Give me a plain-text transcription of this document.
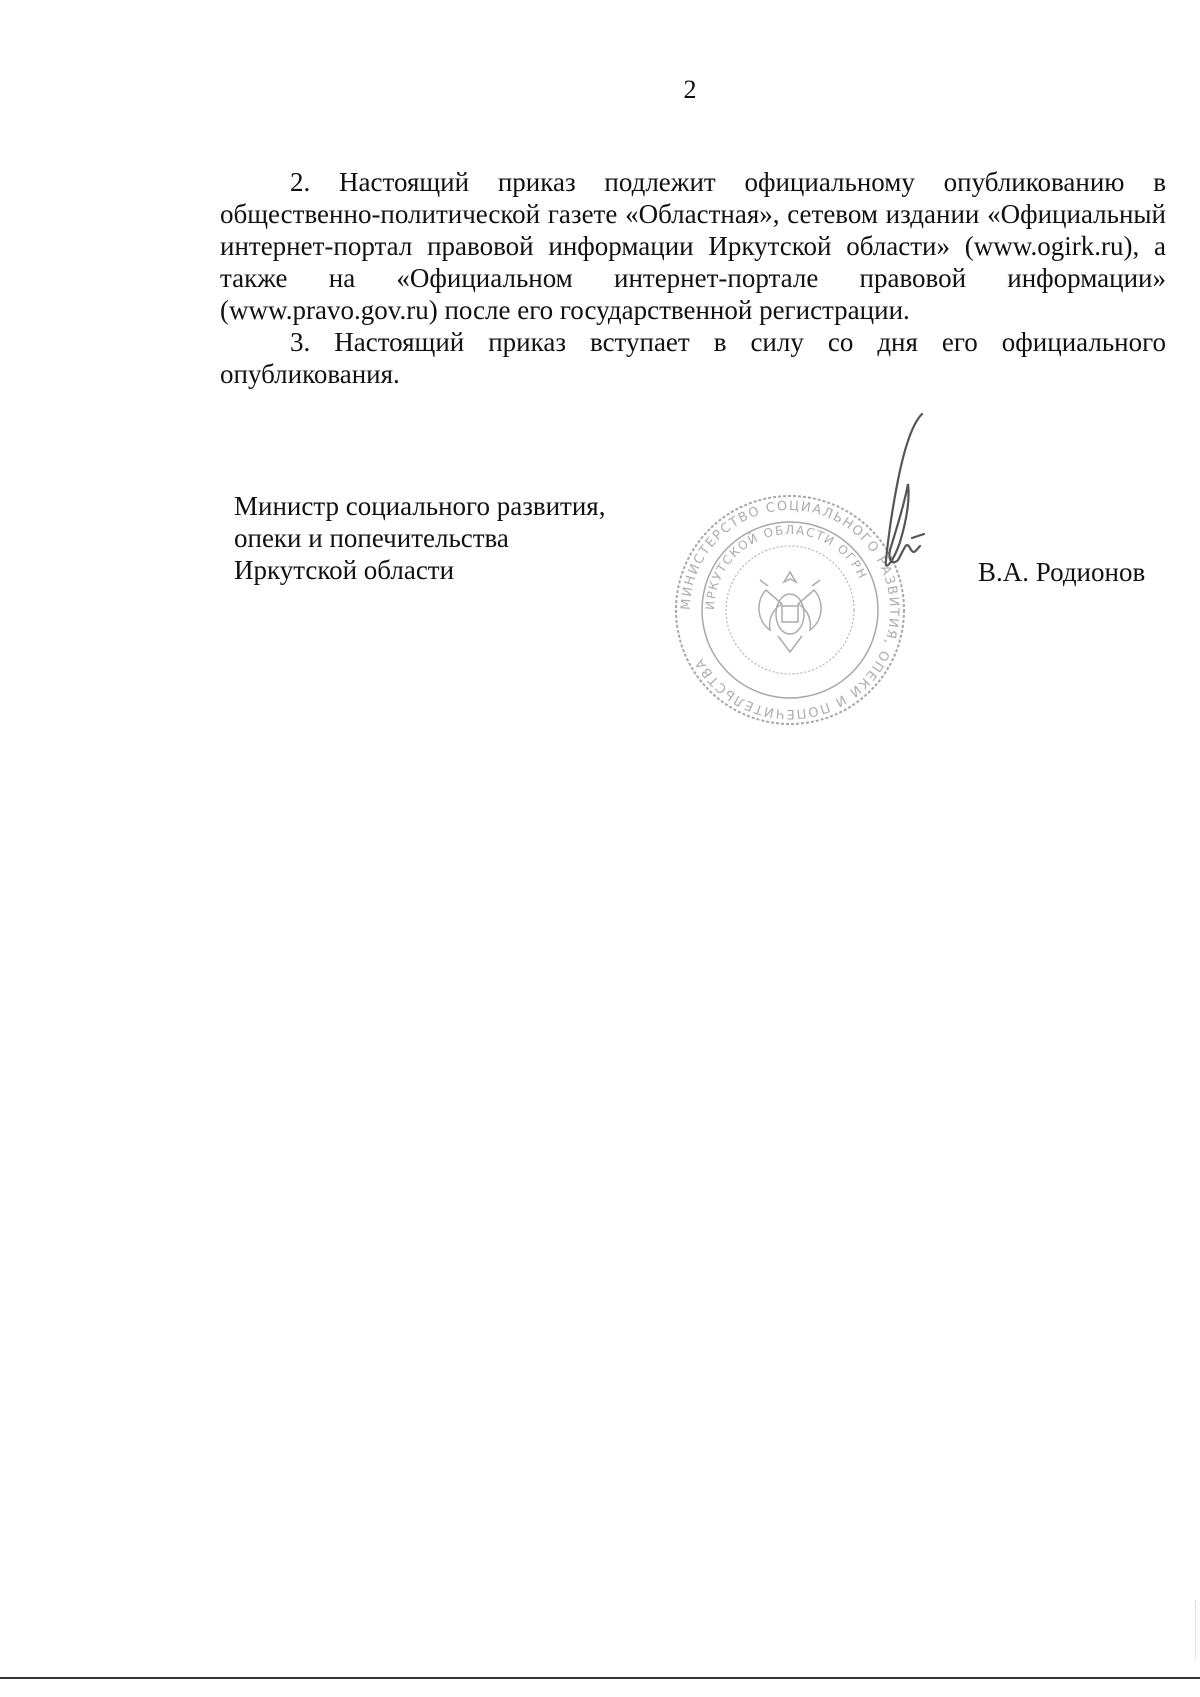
2

2. Настоящий приказ подлежит официальному опубликованию в общественно-политической газете «Областная», сетевом издании «Официальный интернет-портал правовой информации Иркутской области» (www.ogirk.ru), а также на «Официальном интернет-портале правовой информации» (www.pravo.gov.ru) после его государственной регистрации.

3. Настоящий приказ вступает в силу со дня его официального опубликования.

Министр социального развития,
опеки и попечительства
Иркутской области
МИНИСТЕРСТВО СОЦИАЛЬНОГО РАЗВИТИЯ, ОПЕКИ И ПОПЕЧИТЕЛЬСТВА
ИРКУТСКОЙ ОБЛАСТИ ОГРН	В.А. Родионов
